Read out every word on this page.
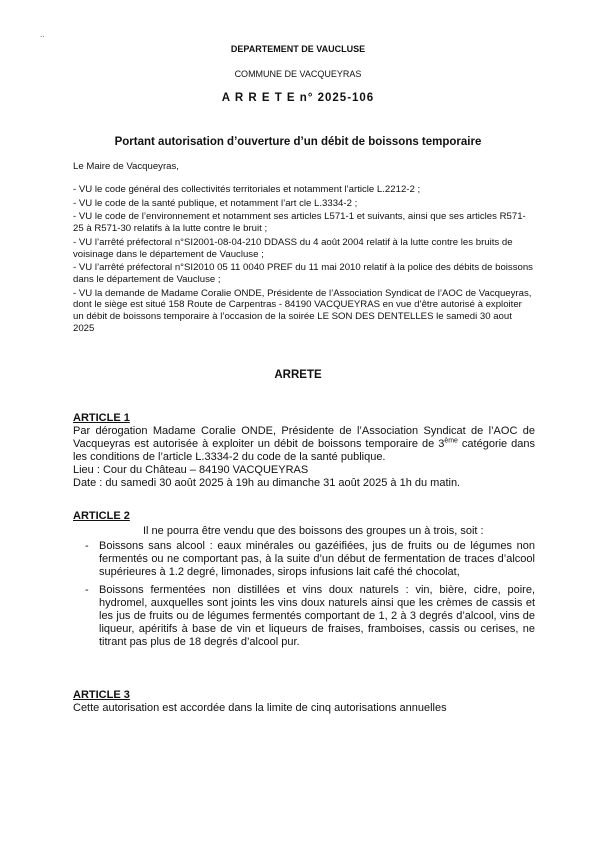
..
DEPARTEMENT DE VAUCLUSE
COMMUNE DE VACQUEYRAS
A R R E T E n° 2025-106
Portant autorisation d’ouverture d’un débit de boissons temporaire
Le Maire de Vacqueyras,

- VU le code général des collectivités territoriales et notamment l’article L.2212-2 ;

- VU le code de la santé publique, et notamment l’art cle L.3334-2 ;

- VU le code de l’environnement et notamment ses articles L571-1 et suivants, ainsi que ses articles R571-25 à R571-30 relatifs à la lutte contre le bruit ;

- VU l’arrêté préfectoral n°SI2001-08-04-210 DDASS du 4 août 2004 relatif à la lutte contre les bruits de voisinage dans le département de Vaucluse ;

- VU l’arrêté préfectoral n°SI2010 05 11 0040 PREF du 11 mai 2010 relatif à la police des débits de boissons dans le département de Vaucluse ;

- VU la demande de Madame Coralie ONDE, Présidente de l’Association Syndicat de l’AOC de Vacqueyras, dont le siège est situé 158 Route de Carpentras - 84190 VACQUEYRAS en vue d’être autorisé à exploiter un débit de boissons temporaire à l’occasion de la soirée LE SON DES DENTELLES le samedi 30 aout 2025

ARRETE

ARTICLE 1

Par dérogation Madame Coralie ONDE, Présidente de l’Association Syndicat de l’AOC de Vacqueyras est autorisée à exploiter un débit de boissons temporaire de 3ème catégorie dans les conditions de l’article L.3334-2 du code de la santé publique.

Lieu : Cour du Château – 84190 VACQUEYRAS

Date : du samedi 30 août 2025 à 19h au dimanche 31 août 2025 à 1h du matin.

ARTICLE 2

Il ne pourra être vendu que des boissons des groupes un à trois, soit :

- Boissons sans alcool : eaux minérales ou gazéifiées, jus de fruits ou de légumes non fermentés ou ne comportant pas, à la suite d’un début de fermentation de traces d’alcool supérieures à 1.2 degré, limonades, sirops infusions lait café thé chocolat,
- Boissons fermentées non distillées et vins doux naturels : vin, bière, cidre, poire, hydromel, auxquelles sont joints les vins doux naturels ainsi que les crèmes de cassis et les jus de fruits ou de légumes fermentés comportant de 1, 2 à 3 degrés d’alcool, vins de liqueur, apéritifs à base de vin et liqueurs de fraises, framboises, cassis ou cerises, ne titrant pas plus de 18 degrés d’alcool pur.

ARTICLE 3

Cette autorisation est accordée dans la limite de cinq autorisations annuelles
